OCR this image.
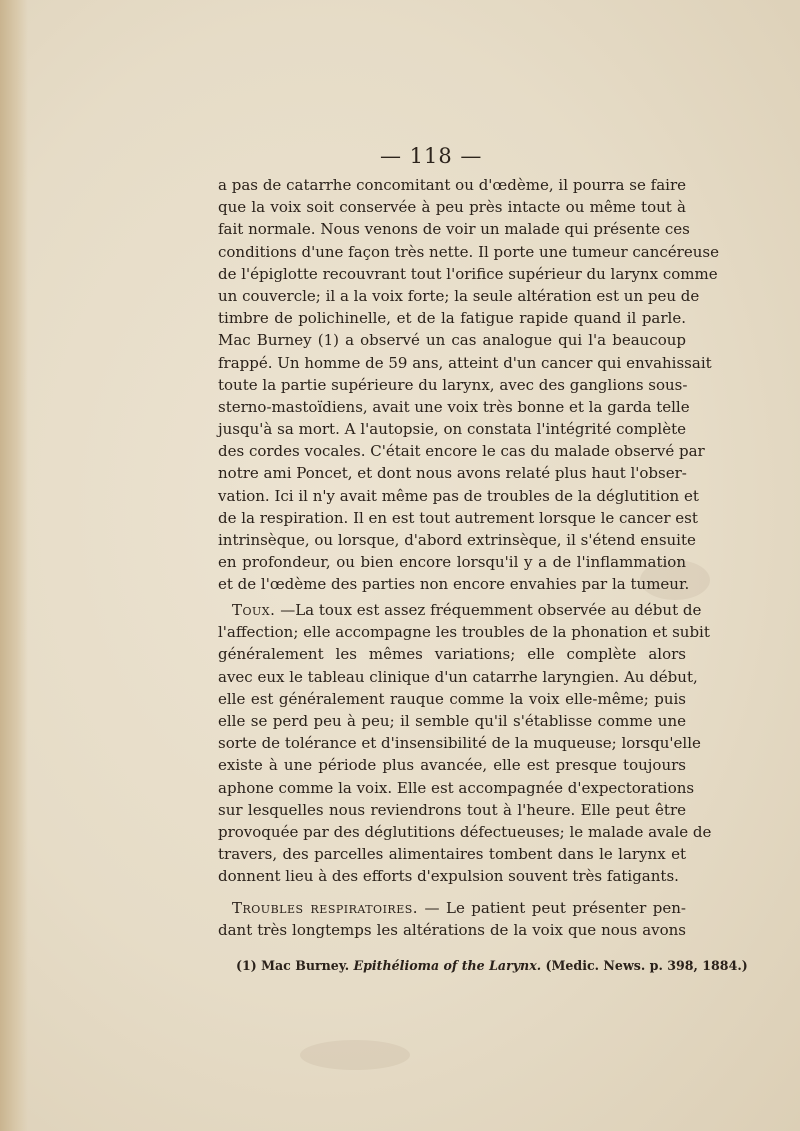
— 118 —
a pas de catarrhe concomitant ou d'œdème, il pourra se faire
que la voix soit conservée à peu près intacte ou même tout à
fait normale. Nous venons de voir un malade qui présente ces
conditions d'une façon très nette. Il porte une tumeur cancéreuse
de l'épiglotte recouvrant tout l'orifice supérieur du larynx comme
un couvercle; il a la voix forte; la seule altération est un peu de
timbre de polichinelle, et de la fatigue rapide quand il parle.
Mac Burney (1) a observé un cas analogue qui l'a beaucoup
frappé. Un homme de 59 ans, atteint d'un cancer qui envahissait
toute la partie supérieure du larynx, avec des ganglions sous-
sterno-mastoïdiens, avait une voix très bonne et la garda telle
jusqu'à sa mort. A l'autopsie, on constata l'intégrité complète
des cordes vocales. C'était encore le cas du malade observé par
notre ami Poncet, et dont nous avons relaté plus haut l'obser-
vation. Ici il n'y avait même pas de troubles de la déglutition et
de la respiration. Il en est tout autrement lorsque le cancer est
intrinsèque, ou lorsque, d'abord extrinsèque, il s'étend ensuite
en profondeur, ou bien encore lorsqu'il y a de l'inflammation
et de l'œdème des parties non encore envahies par la tumeur.
Toux. —La toux est assez fréquemment observée au début de
l'affection; elle accompagne les troubles de la phonation et subit
généralement les mêmes variations; elle complète alors
avec eux le tableau clinique d'un catarrhe laryngien. Au début,
elle est généralement rauque comme la voix elle-même; puis
elle se perd peu à peu; il semble qu'il s'établisse comme une
sorte de tolérance et d'insensibilité de la muqueuse; lorsqu'elle
existe à une période plus avancée, elle est presque toujours
aphone comme la voix. Elle est accompagnée d'expectorations
sur lesquelles nous reviendrons tout à l'heure. Elle peut être
provoquée par des déglutitions défectueuses; le malade avale de
travers, des parcelles alimentaires tombent dans le larynx et
donnent lieu à des efforts d'expulsion souvent très fatigants.
Troubles respiratoires. — Le patient peut présenter pen-
dant très longtemps les altérations de la voix que nous avons
(1) Mac Burney. Epithélioma of the Larynx. (Medic. News. p. 398, 1884.)
